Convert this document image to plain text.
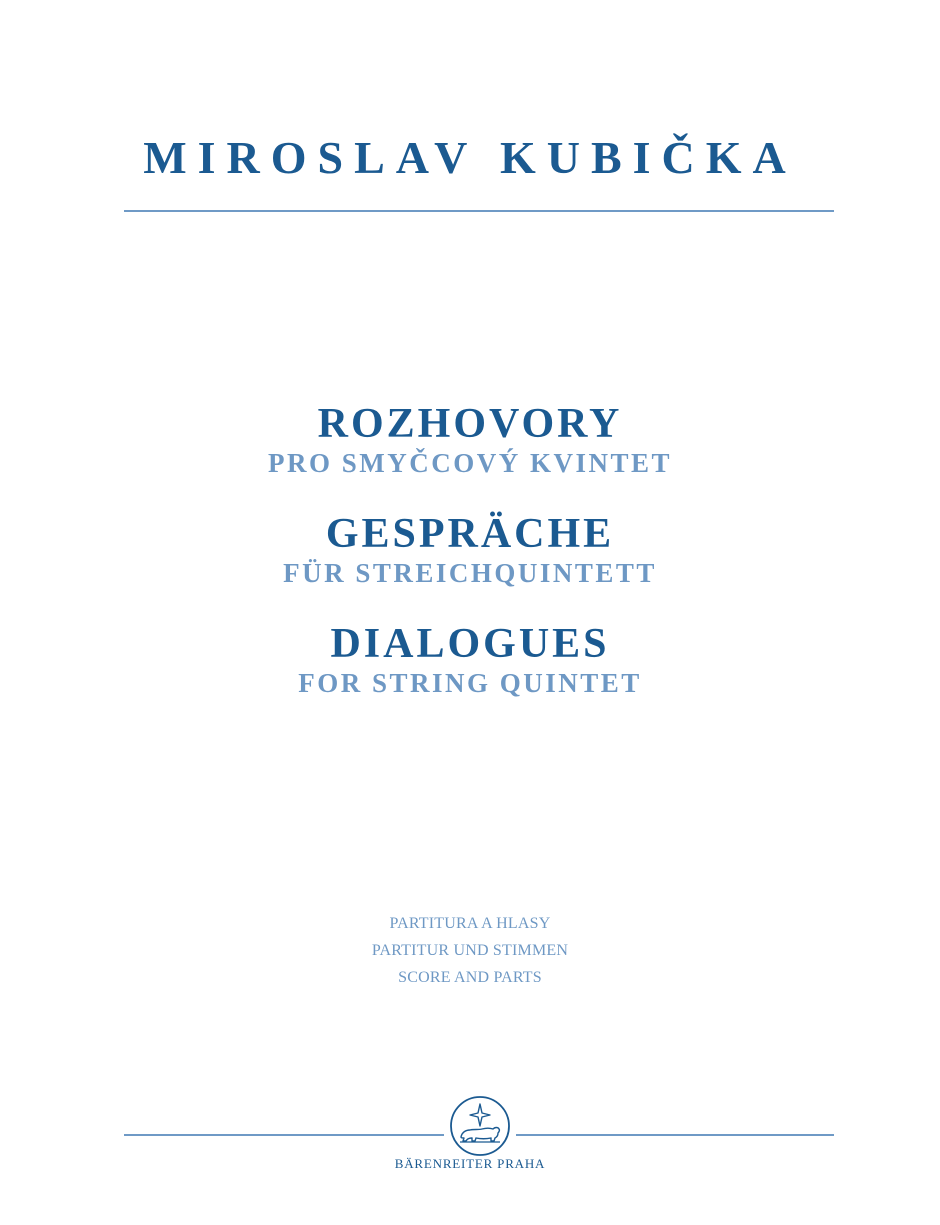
MIROSLAV KUBIČKA
ROZHOVORY
PRO SMYČCOVÝ KVINTET
GESPRÄCHE
FÜR STREICHQUINTETT
DIALOGUES
FOR STRING QUINTET
PARTITURA A HLASY
PARTITUR UND STIMMEN
SCORE AND PARTS
BÄRENREITER PRAHA
